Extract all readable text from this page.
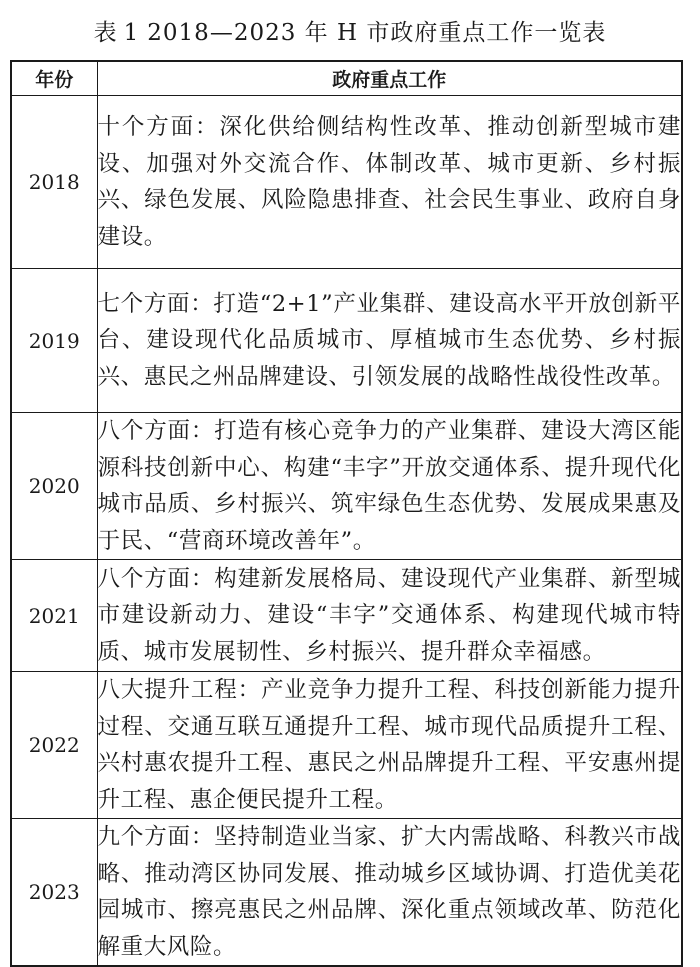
表 1 2018—2023 年 H 市政府重点工作一览表
年份	政府重点工作
2018	十个方面：深化供给侧结构性改革、推动创新型城市建设、加强对外交流合作、体制改革、城市更新、乡村振兴、绿色发展、风险隐患排查、社会民生事业、政府自身建设。
2019	七个方面：打造“2+1”产业集群、建设高水平开放创新平台、建设现代化品质城市、厚植城市生态优势、乡村振兴、惠民之州品牌建设、引领发展的战略性战役性改革。
2020	八个方面：打造有核心竞争力的产业集群、建设大湾区能源科技创新中心、构建“丰字”开放交通体系、提升现代化城市品质、乡村振兴、筑牢绿色生态优势、发展成果惠及于民、“营商环境改善年”。
2021	八个方面：构建新发展格局、建设现代产业集群、新型城市建设新动力、建设“丰字”交通体系、构建现代城市特质、城市发展韧性、乡村振兴、提升群众幸福感。
2022	八大提升工程：产业竞争力提升工程、科技创新能力提升过程、交通互联互通提升工程、城市现代品质提升工程、兴村惠农提升工程、惠民之州品牌提升工程、平安惠州提升工程、惠企便民提升工程。
2023	九个方面：坚持制造业当家、扩大内需战略、科教兴市战略、推动湾区协同发展、推动城乡区域协调、打造优美花园城市、擦亮惠民之州品牌、深化重点领域改革、防范化解重大风险。
